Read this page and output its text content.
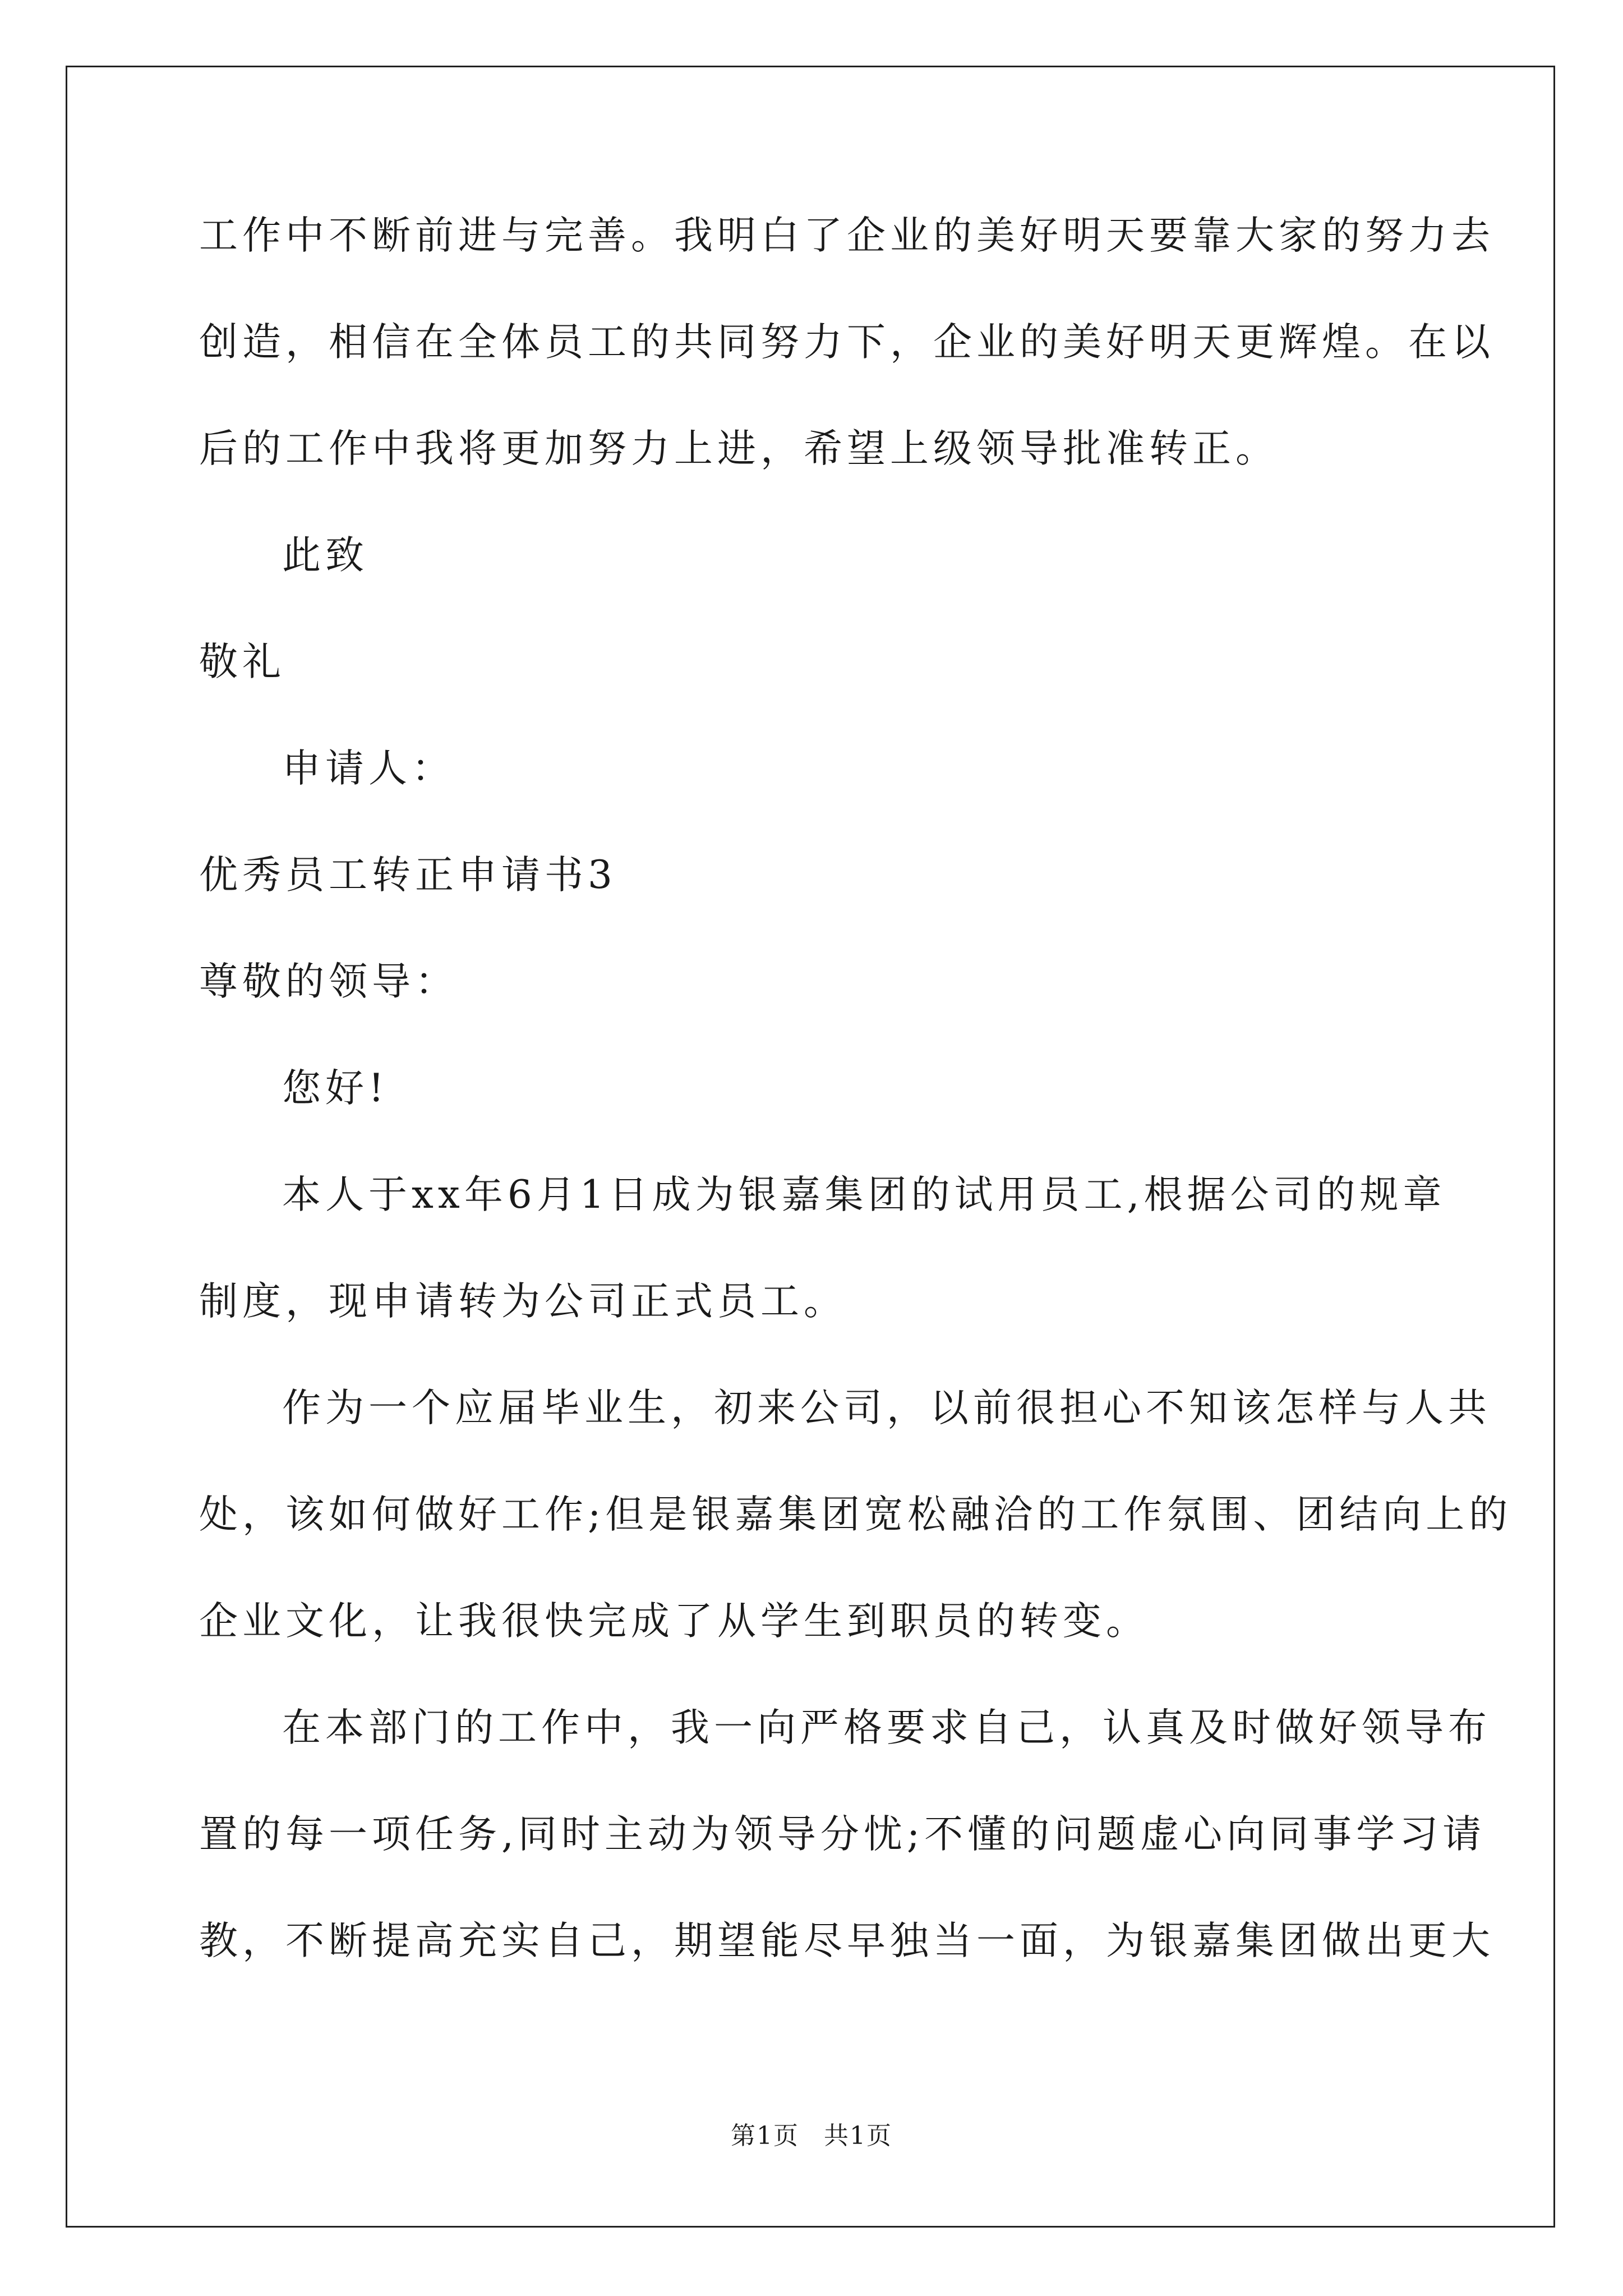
工作中不断前进与完善。我明白了企业的美好明天要靠大家的努力去
创造，相信在全体员工的共同努力下，企业的美好明天更辉煌。在以
后的工作中我将更加努力上进，希望上级领导批准转正。
此致
敬礼
申请人：
优秀员工转正申请书3
尊敬的领导：
您好!
本人于xx年6月1日成为银嘉集团的试用员工,根据公司的规章
制度，现申请转为公司正式员工。
作为一个应届毕业生，初来公司，以前很担心不知该怎样与人共
处，该如何做好工作;但是银嘉集团宽松融洽的工作氛围、团结向上的
企业文化，让我很快完成了从学生到职员的转变。
在本部门的工作中，我一向严格要求自己，认真及时做好领导布
置的每一项任务,同时主动为领导分忧;不懂的问题虚心向同事学习请
教，不断提高充实自己，期望能尽早独当一面，为银嘉集团做出更大
第1页 共1页
